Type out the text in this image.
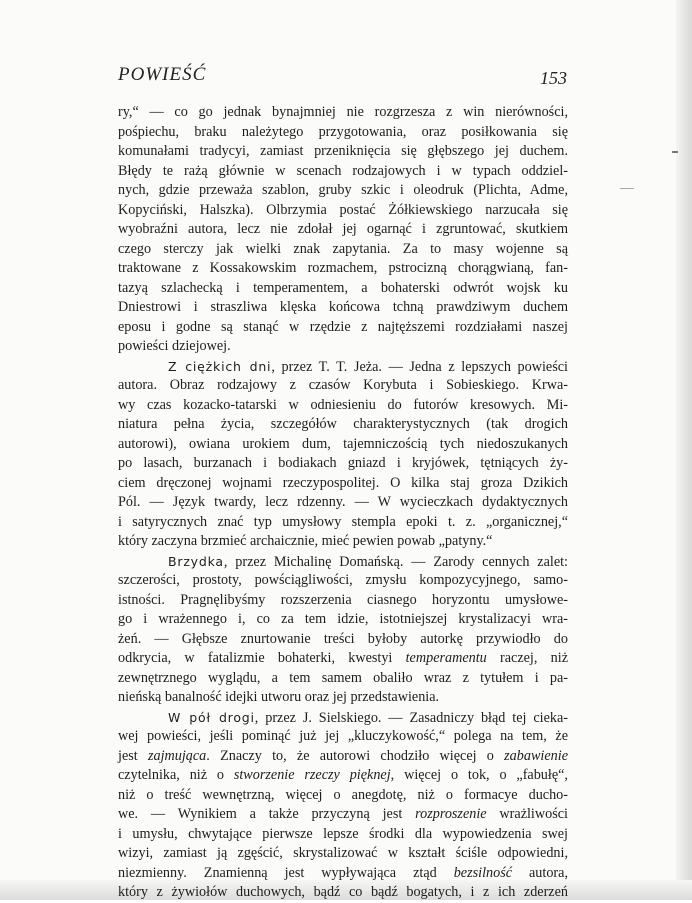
POWIEŚĆ	153
ry,“ — co go jednak bynajmniej nie rozgrzesza z win nierówności,
pośpiechu, braku należytego przygotowania, oraz posiłkowania się
komunałami tradycyi, zamiast przeniknięcia się głębszego jej duchem.
Błędy te rażą głównie w scenach rodzajowych i w typach oddziel-
nych, gdzie przeważa szablon, gruby szkic i oleodruk (Plichta, Adme,
Kopyciński, Halszka). Olbrzymia postać Żółkiewskiego narzucała się
wyobraźni autora, lecz nie zdołał jej ogarnąć i zgruntować, skutkiem
czego sterczy jak wielki znak zapytania. Za to masy wojenne są
traktowane z Kossakowskim rozmachem, pstrocizną chorągwianą, fan-
tazyą szlachecką i temperamentem, a bohaterski odwrót wojsk ku
Dniestrowi i straszliwa klęska końcowa tchną prawdziwym duchem
eposu i godne są stanąć w rzędzie z najtęższemi rozdziałami naszej
powieści dziejowej.
Z ciężkich dni, przez T. T. Jeża. — Jedna z lepszych powieści
autora. Obraz rodzajowy z czasów Korybuta i Sobieskiego. Krwa-
wy czas kozacko-tatarski w odniesieniu do futorów kresowych. Mi-
niatura pełna życia, szczegółów charakterystycznych (tak drogich
autorowi), owiana urokiem dum, tajemniczością tych niedoszukanych
po lasach, burzanach i bodiakach gniazd i kryjówek, tętniących ży-
ciem dręczonej wojnami rzeczypospolitej. O kilka staj groza Dzikich
Pól. — Język twardy, lecz rdzenny. — W wycieczkach dydaktycznych
i satyrycznych znać typ umysłowy stempla epoki t. z. „organicznej,“
który zaczyna brzmieć archaicznie, mieć pewien powab „patyny.“
Brzydka, przez Michalinę Domańską. — Zarody cennych zalet:
szczerości, prostoty, powściągliwości, zmysłu kompozycyjnego, samo-
istności. Pragnęlibyśmy rozszerzenia ciasnego horyzontu umysłowe-
go i wrażennego i, co za tem idzie, istotniejszej krystalizacyi wra-
żeń. — Głębsze znurtowanie treści byłoby autorkę przywiodło do
odkrycia, w fatalizmie bohaterki, kwestyi temperamentu raczej, niż
zewnętrznego wyglądu, a tem samem obaliło wraz z tytułem i pa-
nieńską banalność idejki utworu oraz jej przedstawienia.
W pół drogi, przez J. Sielskiego. — Zasadniczy błąd tej cieka-
wej powieści, jeśli pominąć już jej „kluczykowość,“ polega na tem, że
jest zajmująca. Znaczy to, że autorowi chodziło więcej o zabawienie
czytelnika, niż o stworzenie rzeczy pięknej, więcej o tok, o „fabułę“,
niż o treść wewnętrzną, więcej o anegdotę, niż o formacye ducho-
we. — Wynikiem a także przyczyną jest rozproszenie wrażliwości
i umysłu, chwytające pierwsze lepsze środki dla wypowiedzenia swej
wizyi, zamiast ją zgęścić, skrystalizować w kształt ściśle odpowiedni,
niezmienny. Znamienną jest wypływająca ztąd bezsilność autora,
który z żywiołów duchowych, bądź co bądź bogatych, i z ich zderzeń
